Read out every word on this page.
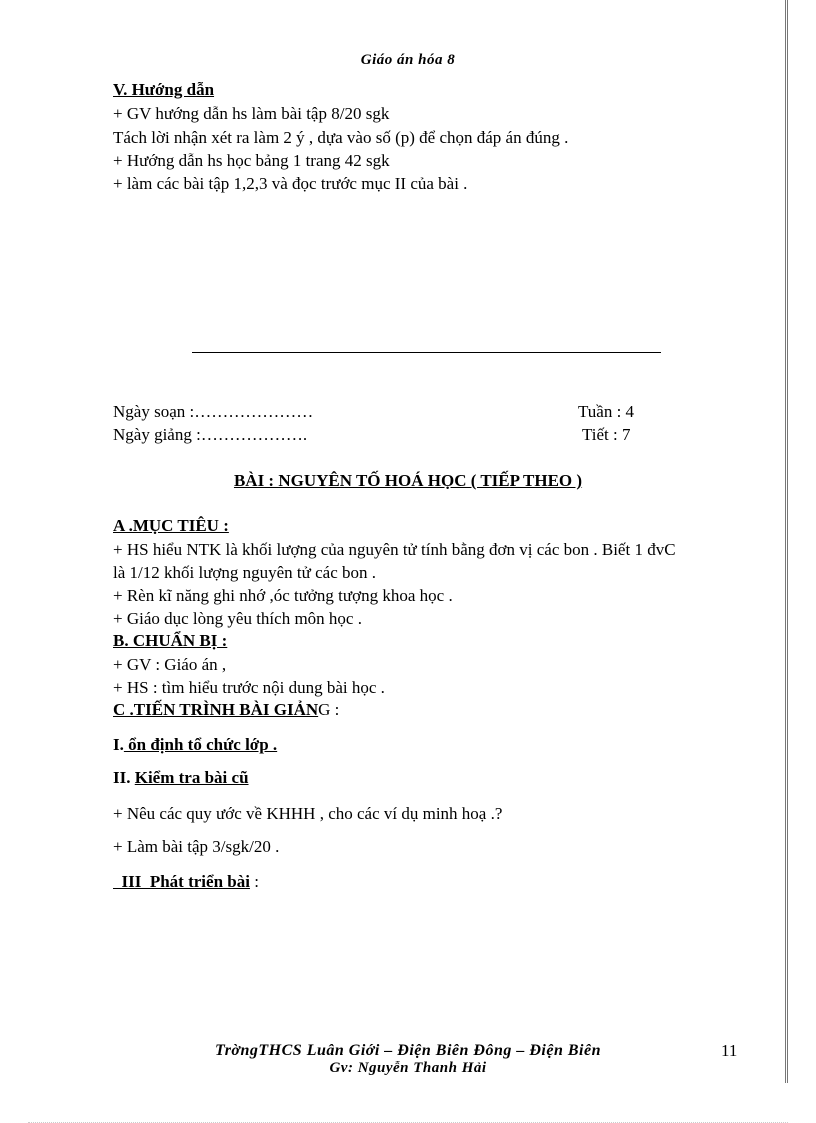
Giáo án hóa 8
V. Hướng dẫn
+ GV hướng dẫn hs làm bài tập 8/20 sgk
Tách lời nhận xét ra làm 2 ý , dựa vào số (p) để chọn đáp án đúng .
+ Hướng dẫn hs học bảng 1 trang 42 sgk
+ làm các bài tập 1,2,3 và đọc trước mục II của bài .
Ngày soạn :…………………
Ngày giảng :……………….
Tuần : 4
Tiết : 7
BÀI : NGUYÊN TỐ HOÁ HỌC ( TIẾP THEO )
A .MỤC TIÊU :
+ HS hiểu NTK là khối lượng của nguyên tử tính bằng đơn vị các bon . Biết 1 đvC
là 1/12 khối lượng nguyên tử các bon .
+ Rèn kĩ năng ghi nhớ ,óc tưởng tượng khoa học .
+ Giáo dục lòng yêu thích môn học .
B. CHUẨN BỊ :
+ GV : Giáo án ,
+ HS : tìm hiểu trước nội dung bài học .
C .TIẾN TRÌNH BÀI GIẢNG :
I. ổn định tổ chức lớp .
II. Kiểm tra bài cũ
+ Nêu các quy ước về KHHH , cho các ví dụ minh hoạ .?
+ Làm bài tập 3/sgk/20 .
III  Phát triển bài :
TrờngTHCS Luân Giới – Điện Biên Đông – Điện Biên
Gv: Nguyễn Thanh Hải
11
